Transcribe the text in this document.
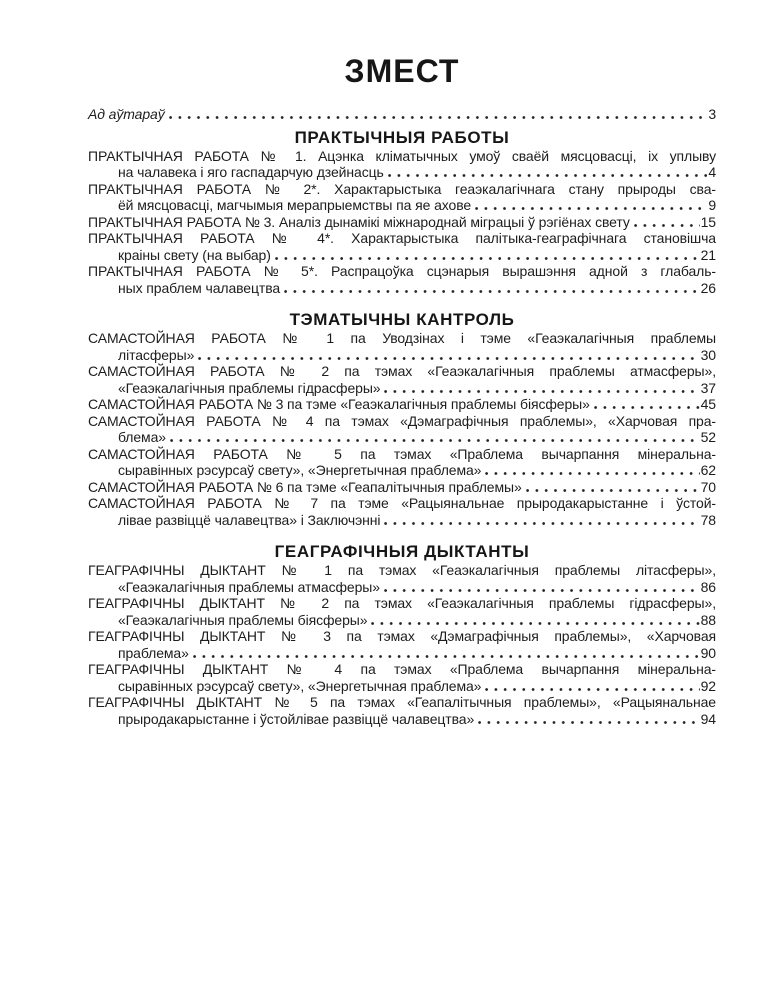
ЗМЕСТ
Ад аўтараў	3
ПРАКТЫЧНЫЯ РАБОТЫ
ПРАКТЫЧНАЯ РАБОТА № 1. Ацэнка кліматычных умоў сваёй мясцовасці, іх уплыву
на чалавека і яго гаспадарчую дзейнасць	4
ПРАКТЫЧНАЯ РАБОТА № 2*. Характарыстыка геаэкалагічнага стану прыроды сва-
ёй мясцовасці, магчымыя мерапрыемствы па яе ахове	9
ПРАКТЫЧНАЯ РАБОТА № 3. Аналіз дынамікі міжнароднай міграцыі ў рэгіёнах свету	15
ПРАКТЫЧНАЯ РАБОТА № 4*. Характарыстыка палітыка-геаграфічнага становішча
краіны свету (на выбар)	21
ПРАКТЫЧНАЯ РАБОТА № 5*. Распрацоўка сцэнарыя вырашэння адной з глабаль-
ных праблем чалавецтва	26
ТЭМАТЫЧНЫ КАНТРОЛЬ
САМАСТОЙНАЯ РАБОТА № 1 па Уводзінах і тэме «Геаэкалагічныя праблемы
літасферы»	30
САМАСТОЙНАЯ РАБОТА № 2 па тэмах «Геаэкалагічныя праблемы атмасферы»,
«Геаэкалагічныя праблемы гідрасферы»	37
САМАСТОЙНАЯ РАБОТА № 3 па тэме «Геаэкалагічныя праблемы біясферы»	45
САМАСТОЙНАЯ РАБОТА № 4 па тэмах «Дэмаграфічныя праблемы», «Харчовая пра-
блема»	52
САМАСТОЙНАЯ РАБОТА № 5 па тэмах «Праблема вычарпання мінеральна-
сыравінных рэсурсаў свету», «Энергетычная праблема»	62
САМАСТОЙНАЯ РАБОТА № 6 па тэме «Геапалітычныя праблемы»	70
САМАСТОЙНАЯ РАБОТА № 7 па тэме «Рацыянальнае прыродакарыстанне і ўстой-
лівае развіццё чалавецтва» і Заключэнні	78
ГЕАГРАФІЧНЫЯ ДЫКТАНТЫ
ГЕАГРАФІЧНЫ ДЫКТАНТ № 1 па тэмах «Геаэкалагічныя праблемы літасферы»,
«Геаэкалагічныя праблемы атмасферы»	86
ГЕАГРАФІЧНЫ ДЫКТАНТ № 2 па тэмах «Геаэкалагічныя праблемы гідрасферы»,
«Геаэкалагічныя праблемы біясферы»	88
ГЕАГРАФІЧНЫ ДЫКТАНТ № 3 па тэмах «Дэмаграфічныя праблемы», «Харчовая
праблема»	90
ГЕАГРАФІЧНЫ ДЫКТАНТ № 4 па тэмах «Праблема вычарпання мінеральна-
сыравінных рэсурсаў свету», «Энергетычная праблема»	92
ГЕАГРАФІЧНЫ ДЫКТАНТ № 5 па тэмах «Геапалітычныя праблемы», «Рацыянальнае
прыродакарыстанне і ўстойлівае развіццё чалавецтва»	94
